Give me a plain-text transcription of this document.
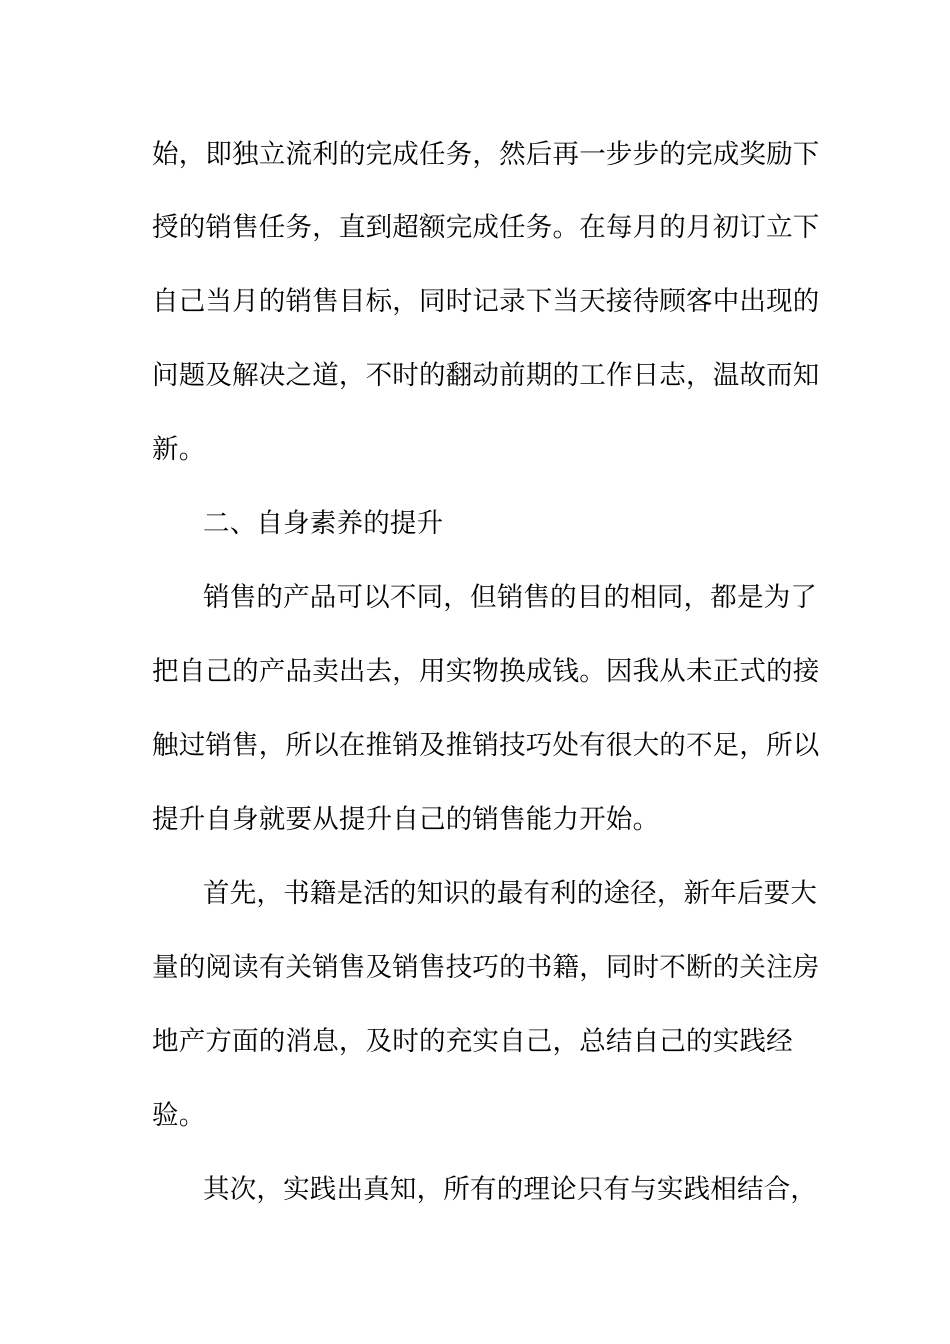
始，即独立流利的完成任务，然后再一步步的完成奖励下
授的销售任务，直到超额完成任务。在每月的月初订立下
自己当月的销售目标，同时记录下当天接待顾客中出现的
问题及解决之道，不时的翻动前期的工作日志，温故而知
新。
二、自身素养的提升
销售的产品可以不同，但销售的目的相同，都是为了
把自己的产品卖出去，用实物换成钱。因我从未正式的接
触过销售，所以在推销及推销技巧处有很大的不足，所以
提升自身就要从提升自己的销售能力开始。
首先，书籍是活的知识的最有利的途径，新年后要大
量的阅读有关销售及销售技巧的书籍，同时不断的关注房
地产方面的消息，及时的充实自己，总结自己的实践经
验。
其次，实践出真知，所有的理论只有与实践相结合，
